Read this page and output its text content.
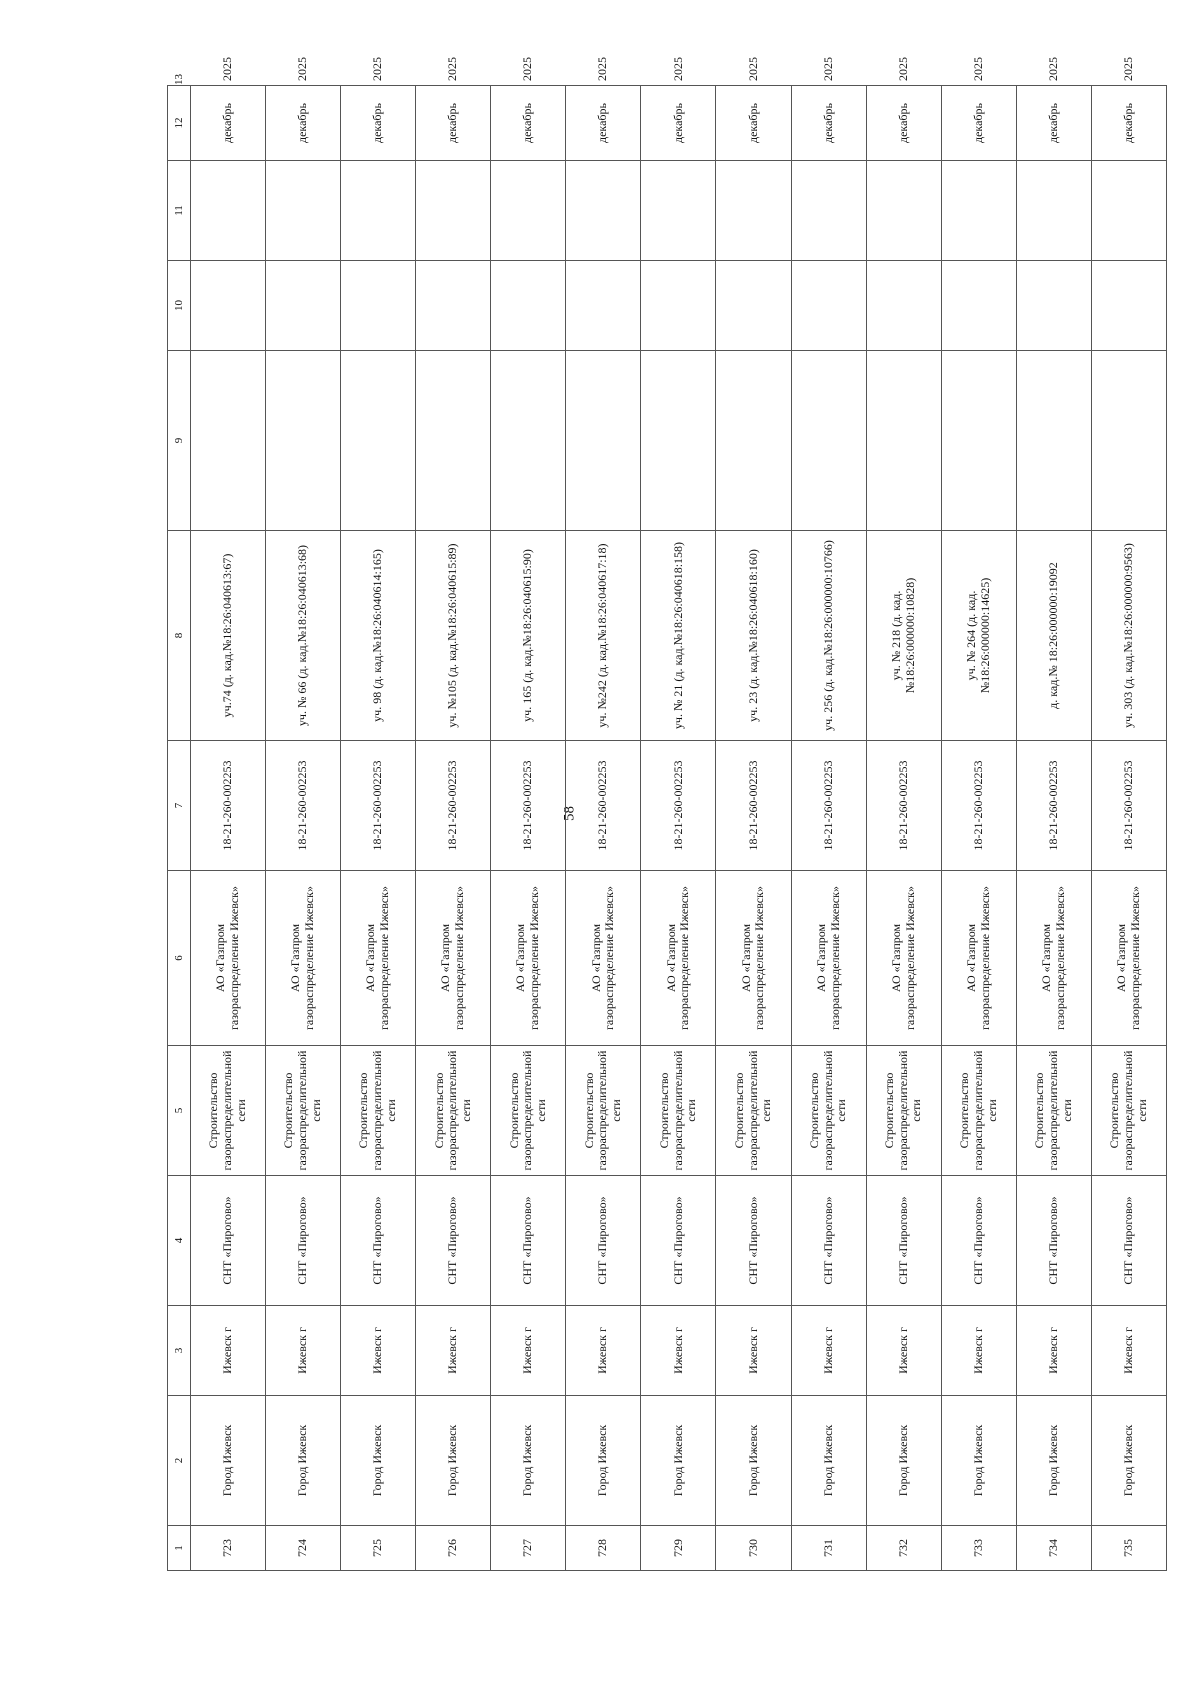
58
1	2	3	4	5	6	7	8	9	10	11	12	13
723	Город Ижевск	Ижевск г	СНТ «Пирогово»	Строительство газораспределительной сети	АО «Газпром газораспределение Ижевск»	18-21-260-002253	уч.74 (д. кад.№18:26:040613:67)				декабрь	2025
724	Город Ижевск	Ижевск г	СНТ «Пирогово»	Строительство газораспределительной сети	АО «Газпром газораспределение Ижевск»	18-21-260-002253	уч. № 66 (д. кад.№18:26:040613:68)				декабрь	2025
725	Город Ижевск	Ижевск г	СНТ «Пирогово»	Строительство газораспределительной сети	АО «Газпром газораспределение Ижевск»	18-21-260-002253	уч. 98 (д. кад.№18:26:040614:165)				декабрь	2025
726	Город Ижевск	Ижевск г	СНТ «Пирогово»	Строительство газораспределительной сети	АО «Газпром газораспределение Ижевск»	18-21-260-002253	уч. №105 (д. кад.№18:26:040615:89)				декабрь	2025
727	Город Ижевск	Ижевск г	СНТ «Пирогово»	Строительство газораспределительной сети	АО «Газпром газораспределение Ижевск»	18-21-260-002253	уч. 165 (д. кад.№18:26:040615:90)				декабрь	2025
728	Город Ижевск	Ижевск г	СНТ «Пирогово»	Строительство газораспределительной сети	АО «Газпром газораспределение Ижевск»	18-21-260-002253	уч. №242 (д. кад.№18:26:040617:18)				декабрь	2025
729	Город Ижевск	Ижевск г	СНТ «Пирогово»	Строительство газораспределительной сети	АО «Газпром газораспределение Ижевск»	18-21-260-002253	уч. № 21 (д. кад.№18:26:040618:158)				декабрь	2025
730	Город Ижевск	Ижевск г	СНТ «Пирогово»	Строительство газораспределительной сети	АО «Газпром газораспределение Ижевск»	18-21-260-002253	уч. 23 (д. кад.№18:26:040618:160)				декабрь	2025
731	Город Ижевск	Ижевск г	СНТ «Пирогово»	Строительство газораспределительной сети	АО «Газпром газораспределение Ижевск»	18-21-260-002253	уч. 256 (д. кад.№18:26:000000:10766)				декабрь	2025
732	Город Ижевск	Ижевск г	СНТ «Пирогово»	Строительство газораспределительной сети	АО «Газпром газораспределение Ижевск»	18-21-260-002253	уч. № 218 (д. кад.№18:26:000000:10828)				декабрь	2025
733	Город Ижевск	Ижевск г	СНТ «Пирогово»	Строительство газораспределительной сети	АО «Газпром газораспределение Ижевск»	18-21-260-002253	уч. № 264 (д. кад.№18:26:000000:14625)				декабрь	2025
734	Город Ижевск	Ижевск г	СНТ «Пирогово»	Строительство газораспределительной сети	АО «Газпром газораспределение Ижевск»	18-21-260-002253	д. кад.№ 18:26:000000:19092				декабрь	2025
735	Город Ижевск	Ижевск г	СНТ «Пирогово»	Строительство газораспределительной сети	АО «Газпром газораспределение Ижевск»	18-21-260-002253	уч. 303 (д. кад.№18:26:000000:9563)				декабрь	2025
